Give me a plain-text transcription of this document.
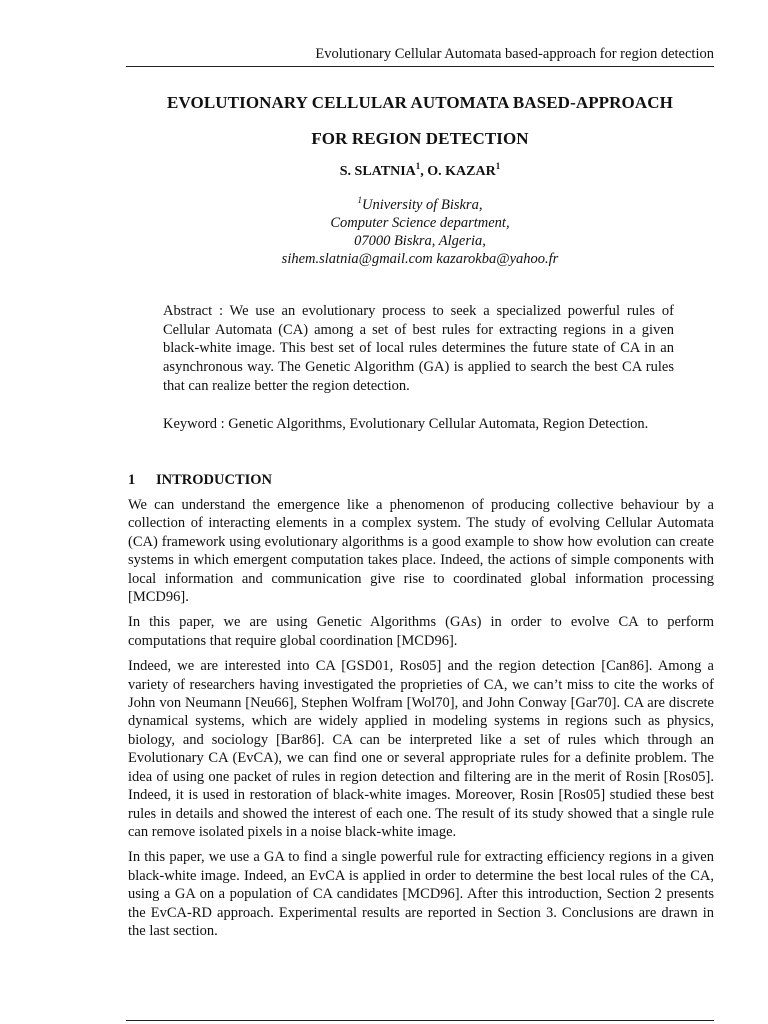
Evolutionary Cellular Automata based-approach for region detection
EVOLUTIONARY CELLULAR AUTOMATA BASED-APPROACH
FOR REGION DETECTION
S. SLATNIA$^1$, O. KAZAR$^1$
$^1$University of Biskra,
Computer Science department,
07000 Biskra, Algeria,
sihem.slatnia@gmail.com kazarokba@yahoo.fr

Abstract : We use an evolutionary process to seek a specialized powerful rules of Cellular Automata (CA) among a set of best rules for extracting regions in a given black-white image. This best set of local rules determines the future state of CA in an asynchronous way. The Genetic Algorithm (GA) is applied to search the best CA rules that can realize better the region detection.

Keyword : Genetic Algorithms, Evolutionary Cellular Automata, Region Detection.

1 INTRODUCTION

We can understand the emergence like a phenomenon of producing collective behaviour by a collection of interacting elements in a complex system. The study of evolving Cellular Automata (CA) framework using evolutionary algorithms is a good example to show how evolution can create systems in which emergent computation takes place. Indeed, the actions of simple components with local information and communication give rise to coordinated global information processing [MCD96].

In this paper, we are using Genetic Algorithms (GAs) in order to evolve CA to perform computations that require global coordination [MCD96].

Indeed, we are interested into CA [GSD01, Ros05] and the region detection [Can86]. Among a variety of researchers having investigated the proprieties of CA, we can’t miss to cite the works of John von Neumann [Neu66], Stephen Wolfram [Wol70], and John Conway [Gar70]. CA are discrete dynamical systems, which are widely applied in modeling systems in regions such as physics, biology, and sociology [Bar86]. CA can be interpreted like a set of rules which through an Evolutionary CA (EvCA), we can find one or several appropriate rules for a definite problem. The idea of using one packet of rules in region detection and filtering are in the merit of Rosin [Ros05]. Indeed, it is used in restoration of black-white images. Moreover, Rosin [Ros05] studied these best rules in details and showed the interest of each one. The result of its study showed that a single rule can remove isolated pixels in a noise black-white image.

In this paper, we use a GA to find a single powerful rule for extracting efficiency regions in a given black-white image. Indeed, an EvCA is applied in order to determine the best local rules of the CA, using a GA on a population of CA candidates [MCD96]. After this introduction, Section 2 presents the EvCA-RD approach. Experimental results are reported in Section 3. Conclusions are drawn in the last section.
